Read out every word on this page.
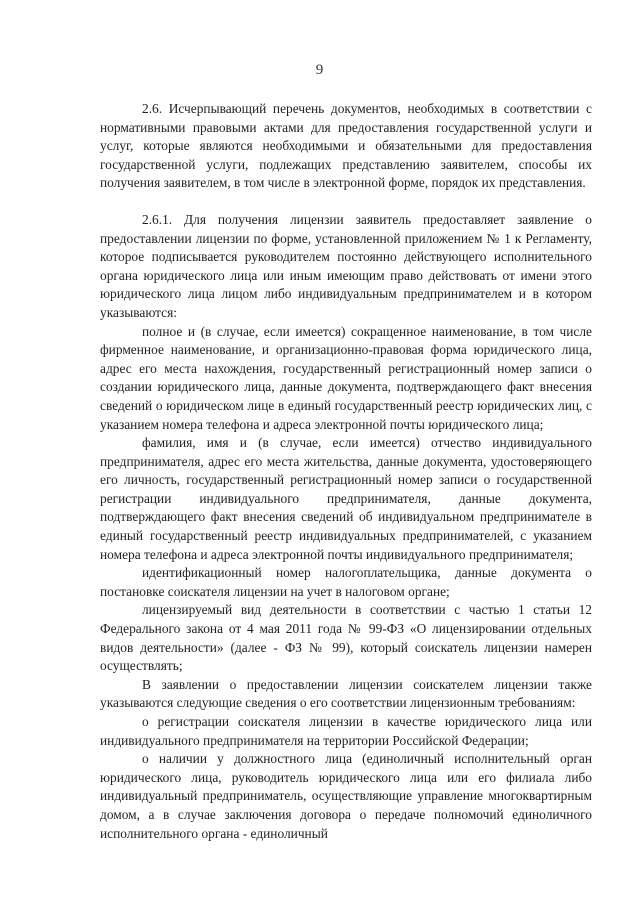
9

2.6. Исчерпывающий перечень документов, необходимых в соответствии с нормативными правовыми актами для предоставления государственной услуги и услуг, которые являются необходимыми и обязательными для предоставления государственной услуги, подлежащих представлению заявителем, способы их получения заявителем, в том числе в электронной форме, порядок их представления.

2.6.1. Для получения лицензии заявитель предоставляет заявление о предоставлении лицензии по форме, установленной приложением № 1 к Регламенту, которое подписывается руководителем постоянно действующего исполнительного органа юридического лица или иным имеющим право действовать от имени этого юридического лица лицом либо индивидуальным предпринимателем и в котором указываются:

полное и (в случае, если имеется) сокращенное наименование, в том числе фирменное наименование, и организационно-правовая форма юридического лица, адрес его места нахождения, государственный регистрационный номер записи о создании юридического лица, данные документа, подтверждающего факт внесения сведений о юридическом лице в единый государственный реестр юридических лиц, с указанием номера телефона и адреса электронной почты юридического лица;

фамилия, имя и (в случае, если имеется) отчество индивидуального предпринимателя, адрес его места жительства, данные документа, удостоверяющего его личность, государственный регистрационный номер записи о государственной регистрации индивидуального предпринимателя, данные документа, подтверждающего факт внесения сведений об индивидуальном предпринимателе в единый государственный реестр индивидуальных предпринимателей, с указанием номера телефона и адреса электронной почты индивидуального предпринимателя;

идентификационный номер налогоплательщика, данные документа о постановке соискателя лицензии на учет в налоговом органе;

лицензируемый вид деятельности в соответствии с частью 1 статьи 12 Федерального закона от 4 мая 2011 года № 99-ФЗ «О лицензировании отдельных видов деятельности» (далее - ФЗ № 99), который соискатель лицензии намерен осуществлять;

В заявлении о предоставлении лицензии соискателем лицензии также указываются следующие сведения о его соответствии лицензионным требованиям:

о регистрации соискателя лицензии в качестве юридического лица или индивидуального предпринимателя на территории Российской Федерации;

о наличии у должностного лица (единоличный исполнительный орган юридического лица, руководитель юридического лица или его филиала либо индивидуальный предприниматель, осуществляющие управление многоквартирным домом, а в случае заключения договора о передаче полномочий единоличного исполнительного органа - единоличный
